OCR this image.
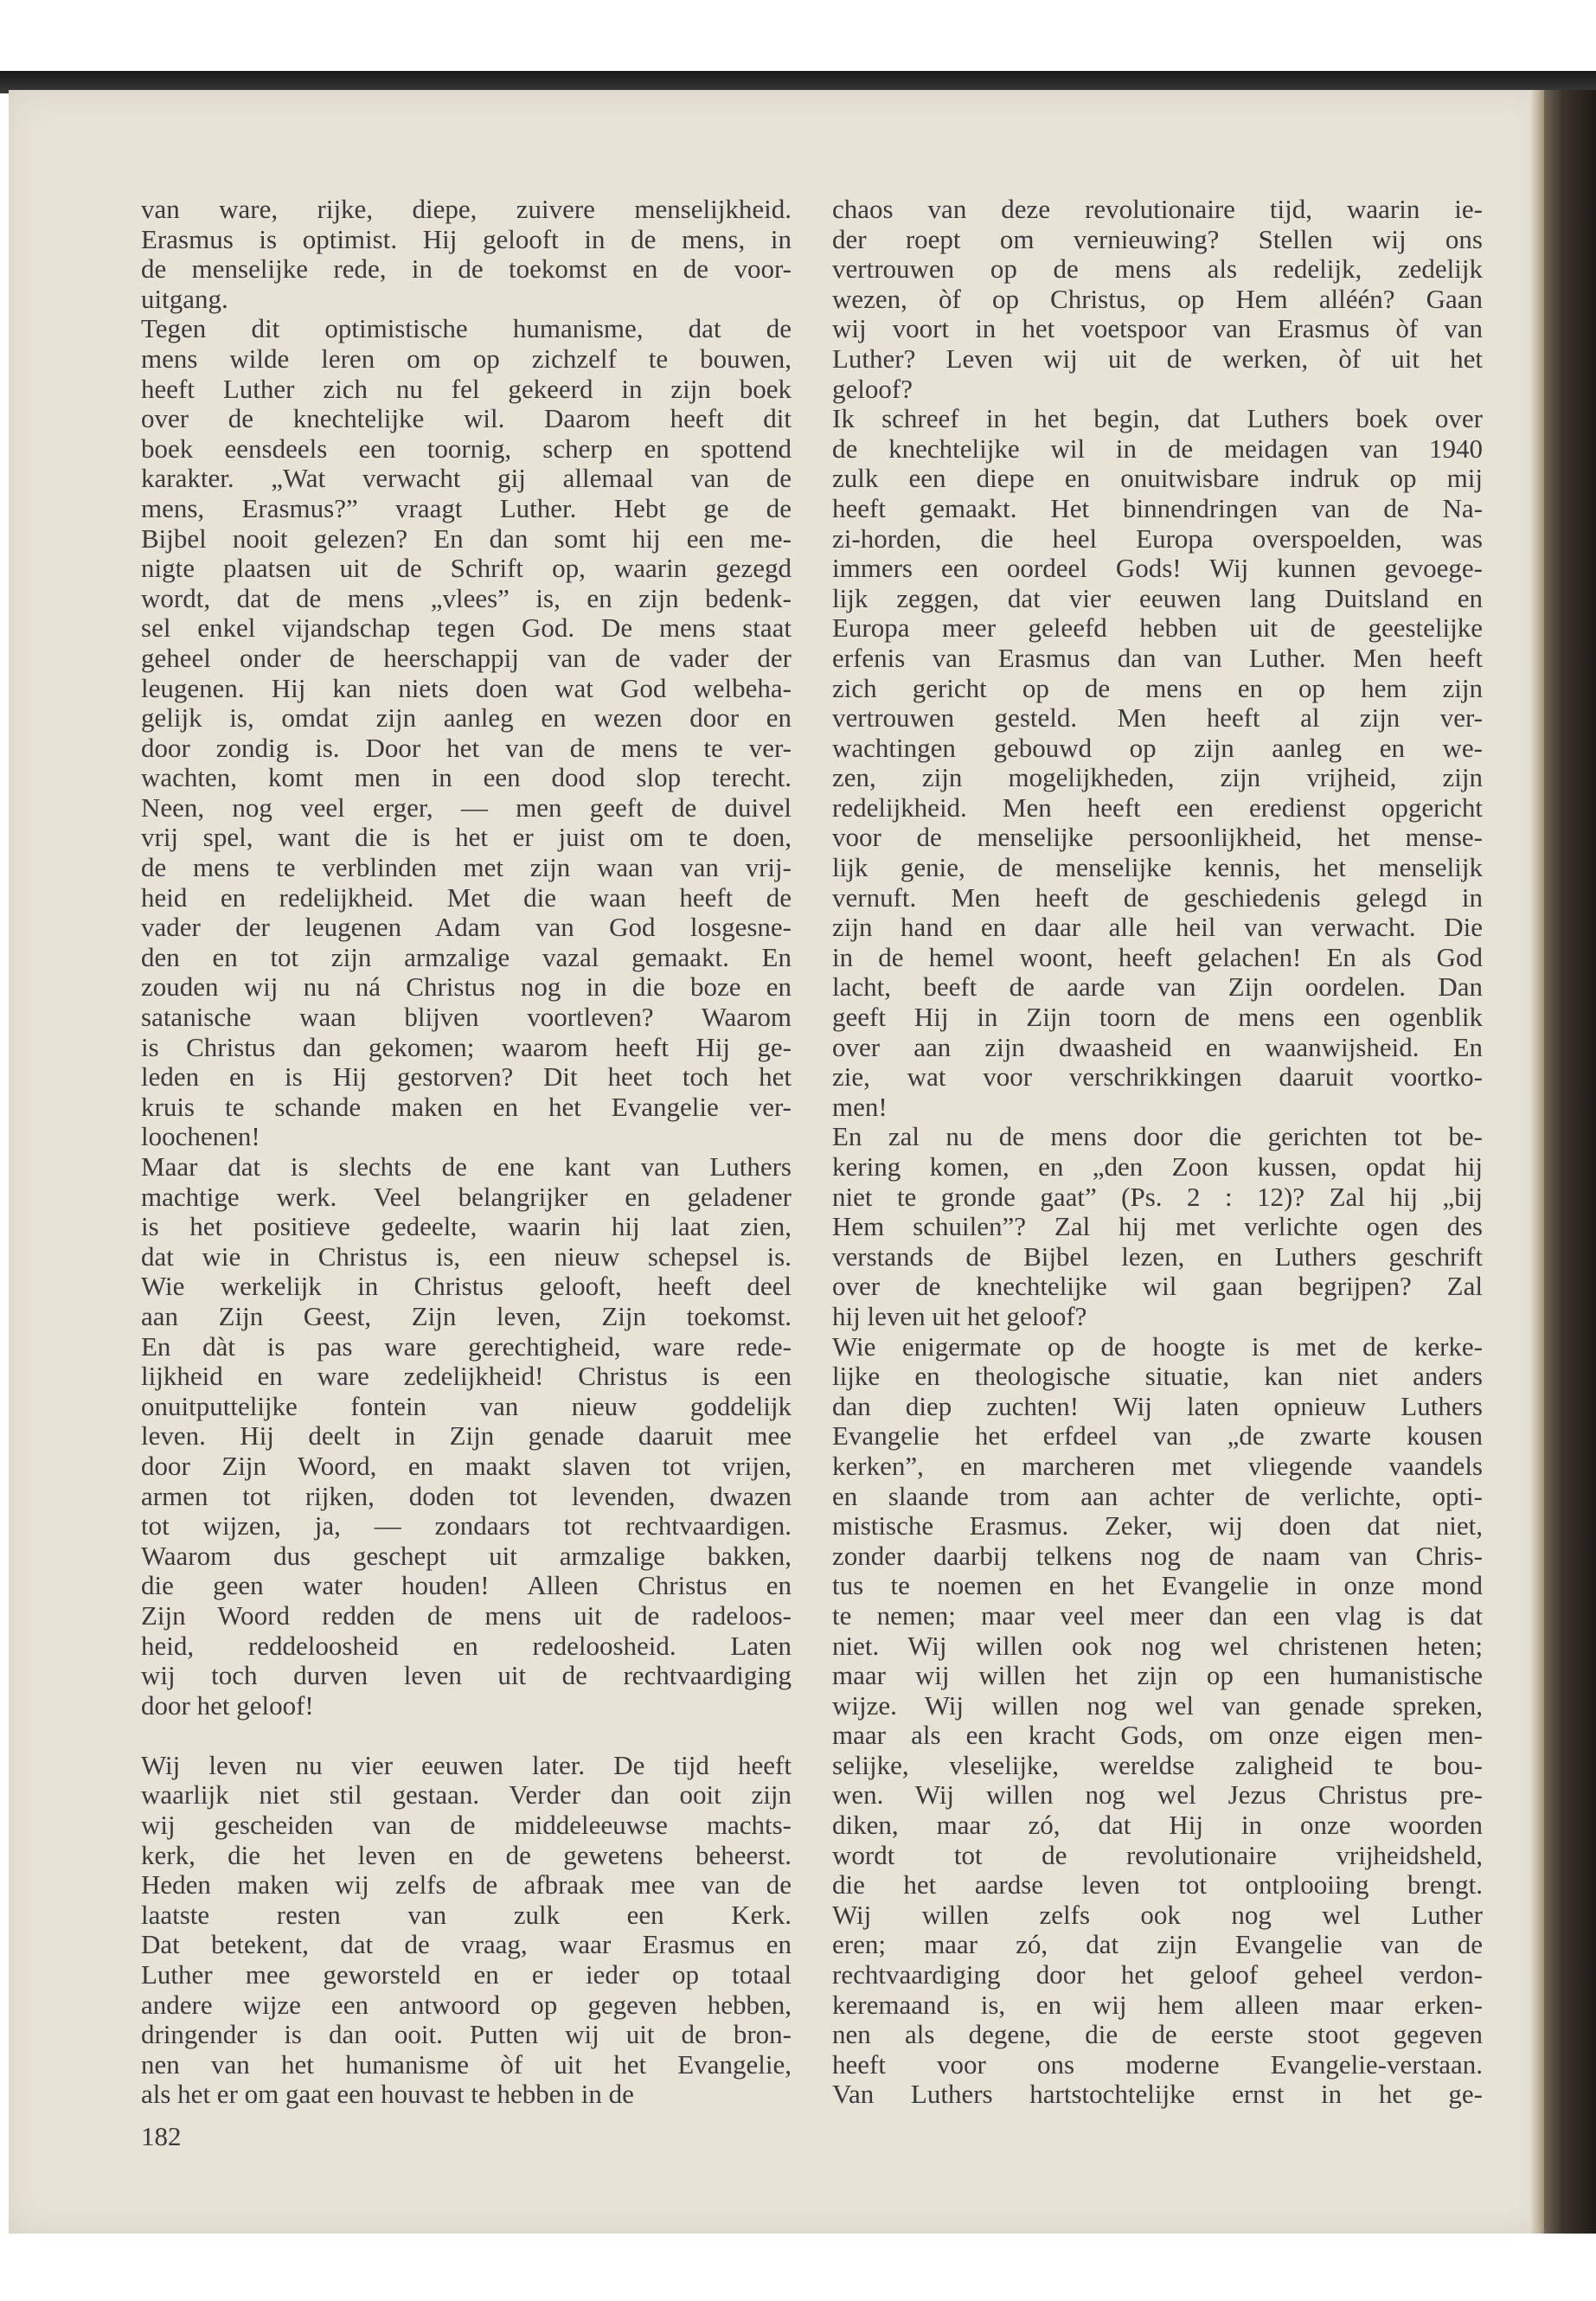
van ware, rijke, diepe, zuivere menselijkheid.
Erasmus is optimist. Hij gelooft in de mens, in
de menselijke rede, in de toekomst en de voor-
uitgang.
Tegen dit optimistische humanisme, dat de
mens wilde leren om op zichzelf te bouwen,
heeft Luther zich nu fel gekeerd in zijn boek
over de knechtelijke wil. Daarom heeft dit
boek eensdeels een toornig, scherp en spottend
karakter. „Wat verwacht gij allemaal van de
mens, Erasmus?” vraagt Luther. Hebt ge de
Bijbel nooit gelezen? En dan somt hij een me-
nigte plaatsen uit de Schrift op, waarin gezegd
wordt, dat de mens „vlees” is, en zijn bedenk-
sel enkel vijandschap tegen God. De mens staat
geheel onder de heerschappij van de vader der
leugenen. Hij kan niets doen wat God welbeha-
gelijk is, omdat zijn aanleg en wezen door en
door zondig is. Door het van de mens te ver-
wachten, komt men in een dood slop terecht.
Neen, nog veel erger, — men geeft de duivel
vrij spel, want die is het er juist om te doen,
de mens te verblinden met zijn waan van vrij-
heid en redelijkheid. Met die waan heeft de
vader der leugenen Adam van God losgesne-
den en tot zijn armzalige vazal gemaakt. En
zouden wij nu ná Christus nog in die boze en
satanische waan blijven voortleven? Waarom
is Christus dan gekomen; waarom heeft Hij ge-
leden en is Hij gestorven? Dit heet toch het
kruis te schande maken en het Evangelie ver-
loochenen!
Maar dat is slechts de ene kant van Luthers
machtige werk. Veel belangrijker en geladener
is het positieve gedeelte, waarin hij laat zien,
dat wie in Christus is, een nieuw schepsel is.
Wie werkelijk in Christus gelooft, heeft deel
aan Zijn Geest, Zijn leven, Zijn toekomst.
En dàt is pas ware gerechtigheid, ware rede-
lijkheid en ware zedelijkheid! Christus is een
onuitputtelijke fontein van nieuw goddelijk
leven. Hij deelt in Zijn genade daaruit mee
door Zijn Woord, en maakt slaven tot vrijen,
armen tot rijken, doden tot levenden, dwazen
tot wijzen, ja, — zondaars tot rechtvaardigen.
Waarom dus geschept uit armzalige bakken,
die geen water houden! Alleen Christus en
Zijn Woord redden de mens uit de radeloos-
heid, reddeloosheid en redeloosheid. Laten
wij toch durven leven uit de rechtvaardiging
door het geloof!
Wij leven nu vier eeuwen later. De tijd heeft
waarlijk niet stil gestaan. Verder dan ooit zijn
wij gescheiden van de middeleeuwse machts-
kerk, die het leven en de gewetens beheerst.
Heden maken wij zelfs de afbraak mee van de
laatste resten van zulk een Kerk.
Dat betekent, dat de vraag, waar Erasmus en
Luther mee geworsteld en er ieder op totaal
andere wijze een antwoord op gegeven hebben,
dringender is dan ooit. Putten wij uit de bron-
nen van het humanisme òf uit het Evangelie,
als het er om gaat een houvast te hebben in de
chaos van deze revolutionaire tijd, waarin ie-
der roept om vernieuwing? Stellen wij ons
vertrouwen op de mens als redelijk, zedelijk
wezen, òf op Christus, op Hem alléén? Gaan
wij voort in het voetspoor van Erasmus òf van
Luther? Leven wij uit de werken, òf uit het
geloof?
Ik schreef in het begin, dat Luthers boek over
de knechtelijke wil in de meidagen van 1940
zulk een diepe en onuitwisbare indruk op mij
heeft gemaakt. Het binnendringen van de Na-
zi-horden, die heel Europa overspoelden, was
immers een oordeel Gods! Wij kunnen gevoege-
lijk zeggen, dat vier eeuwen lang Duitsland en
Europa meer geleefd hebben uit de geestelijke
erfenis van Erasmus dan van Luther. Men heeft
zich gericht op de mens en op hem zijn
vertrouwen gesteld. Men heeft al zijn ver-
wachtingen gebouwd op zijn aanleg en we-
zen, zijn mogelijkheden, zijn vrijheid, zijn
redelijkheid. Men heeft een eredienst opgericht
voor de menselijke persoonlijkheid, het mense-
lijk genie, de menselijke kennis, het menselijk
vernuft. Men heeft de geschiedenis gelegd in
zijn hand en daar alle heil van verwacht. Die
in de hemel woont, heeft gelachen! En als God
lacht, beeft de aarde van Zijn oordelen. Dan
geeft Hij in Zijn toorn de mens een ogenblik
over aan zijn dwaasheid en waanwijsheid. En
zie, wat voor verschrikkingen daaruit voortko-
men!
En zal nu de mens door die gerichten tot be-
kering komen, en „den Zoon kussen, opdat hij
niet te gronde gaat” (Ps. 2 : 12)? Zal hij „bij
Hem schuilen”? Zal hij met verlichte ogen des
verstands de Bijbel lezen, en Luthers geschrift
over de knechtelijke wil gaan begrijpen? Zal
hij leven uit het geloof?
Wie enigermate op de hoogte is met de kerke-
lijke en theologische situatie, kan niet anders
dan diep zuchten! Wij laten opnieuw Luthers
Evangelie het erfdeel van „de zwarte kousen
kerken”, en marcheren met vliegende vaandels
en slaande trom aan achter de verlichte, opti-
mistische Erasmus. Zeker, wij doen dat niet,
zonder daarbij telkens nog de naam van Chris-
tus te noemen en het Evangelie in onze mond
te nemen; maar veel meer dan een vlag is dat
niet. Wij willen ook nog wel christenen heten;
maar wij willen het zijn op een humanistische
wijze. Wij willen nog wel van genade spreken,
maar als een kracht Gods, om onze eigen men-
selijke, vleselijke, wereldse zaligheid te bou-
wen. Wij willen nog wel Jezus Christus pre-
diken, maar zó, dat Hij in onze woorden
wordt tot de revolutionaire vrijheidsheld,
die het aardse leven tot ontplooiing brengt.
Wij willen zelfs ook nog wel Luther
eren; maar zó, dat zijn Evangelie van de
rechtvaardiging door het geloof geheel verdon-
keremaand is, en wij hem alleen maar erken-
nen als degene, die de eerste stoot gegeven
heeft voor ons moderne Evangelie-verstaan.
Van Luthers hartstochtelijke ernst in het ge-
182
